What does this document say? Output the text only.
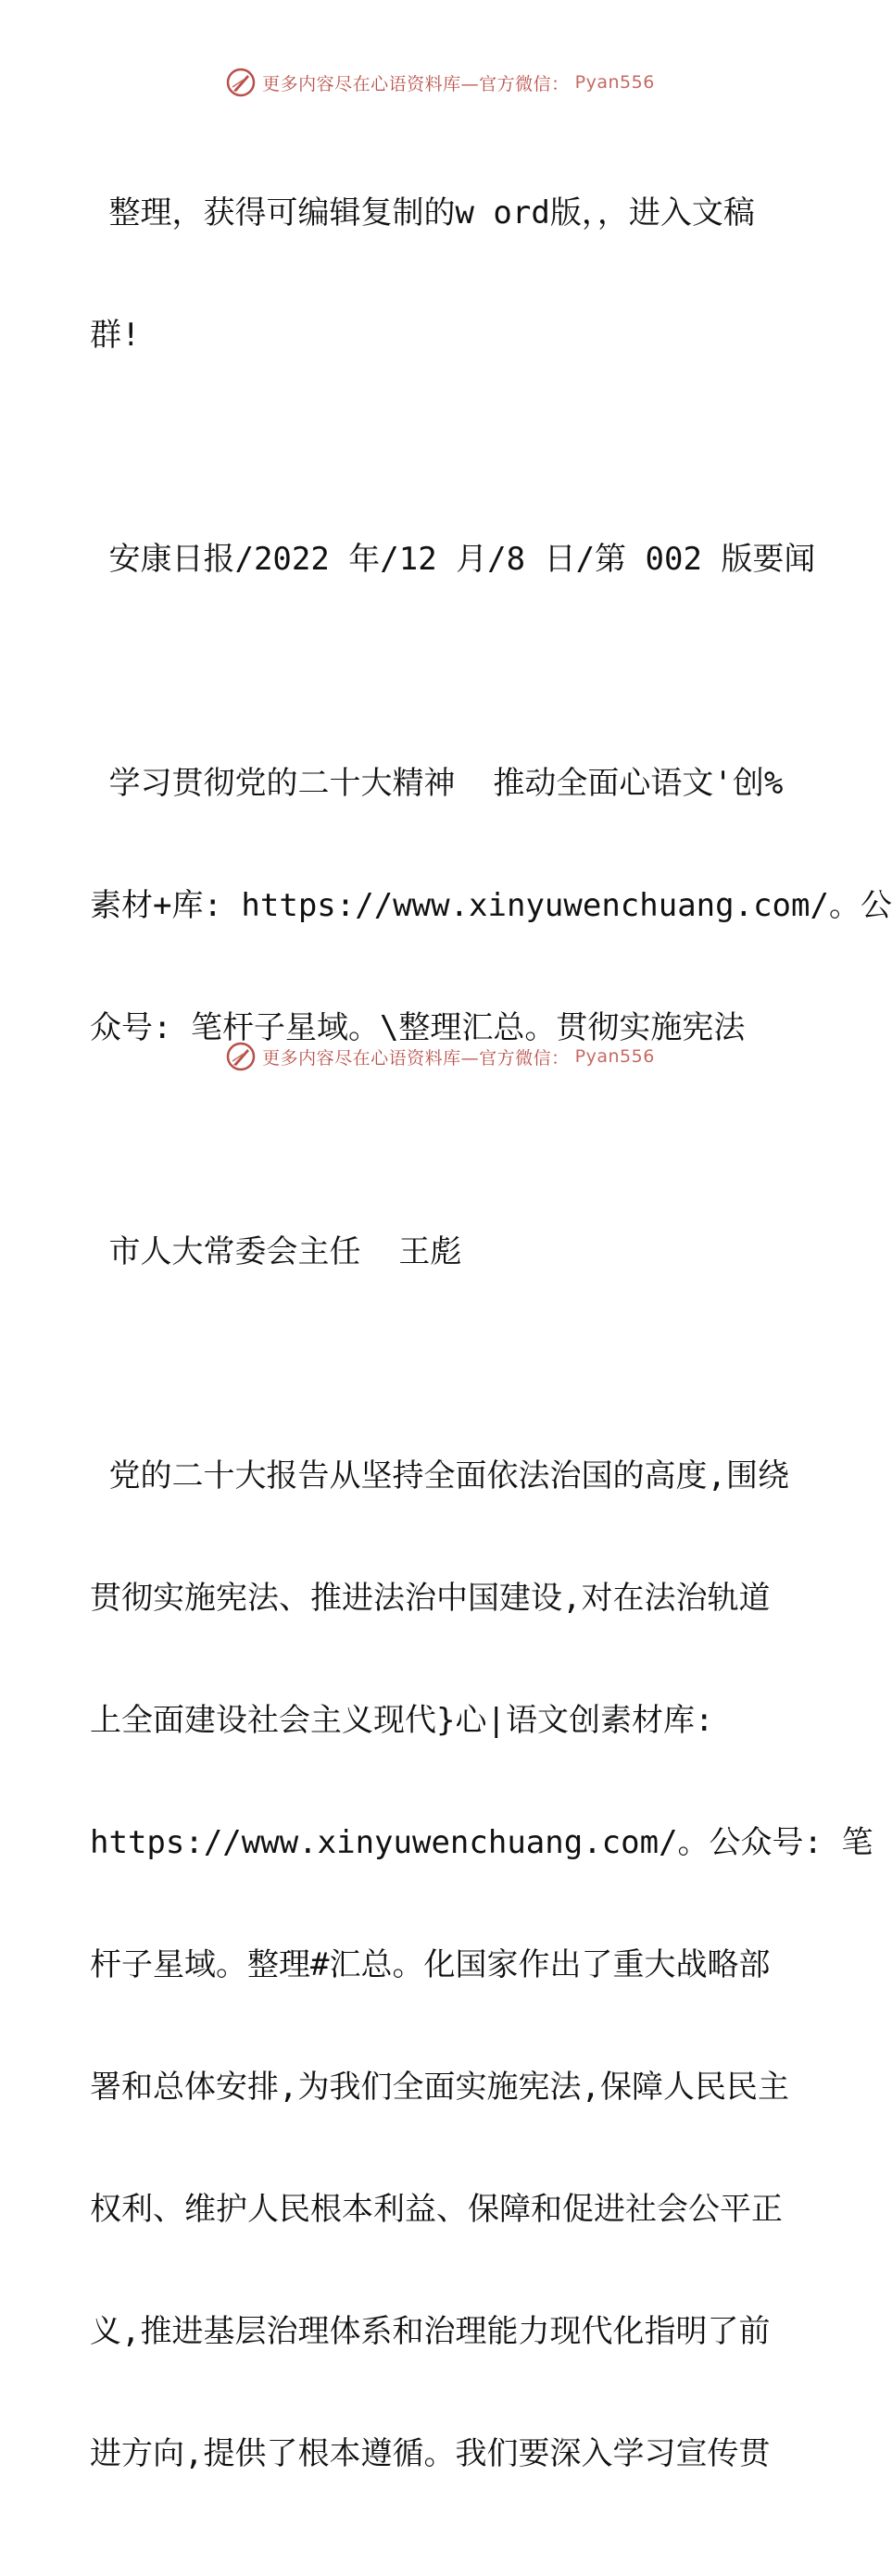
更多内容尽在心语资料库—官方微信： Pyan556

整理，获得可编辑复制的w ord版，，进入文稿

群!

安康日报/2022 年/12 月/8 日/第 002 版要闻

学习贯彻党的二十大精神  推动全面心语文'创%

素材+库: https://www.xinyuwenchuang.com/。公

众号: 笔杆子星域。\整理汇总。贯彻实施宪法

市人大常委会主任  王彪

党的二十大报告从坚持全面依法治国的高度,围绕

贯彻实施宪法、推进法治中国建设,对在法治轨道

上全面建设社会主义现代}心|语文创素材库:

https://www.xinyuwenchuang.com/。公众号: 笔

杆子星域。整理#汇总。化国家作出了重大战略部

署和总体安排,为我们全面实施宪法,保障人民民主

权利、维护人民根本利益、保障和促进社会公平正

义,推进基层治理体系和治理能力现代化指明了前

进方向,提供了根本遵循。我们要深入学习宣传贯

更多内容尽在心语资料库—官方微信： Pyan556
